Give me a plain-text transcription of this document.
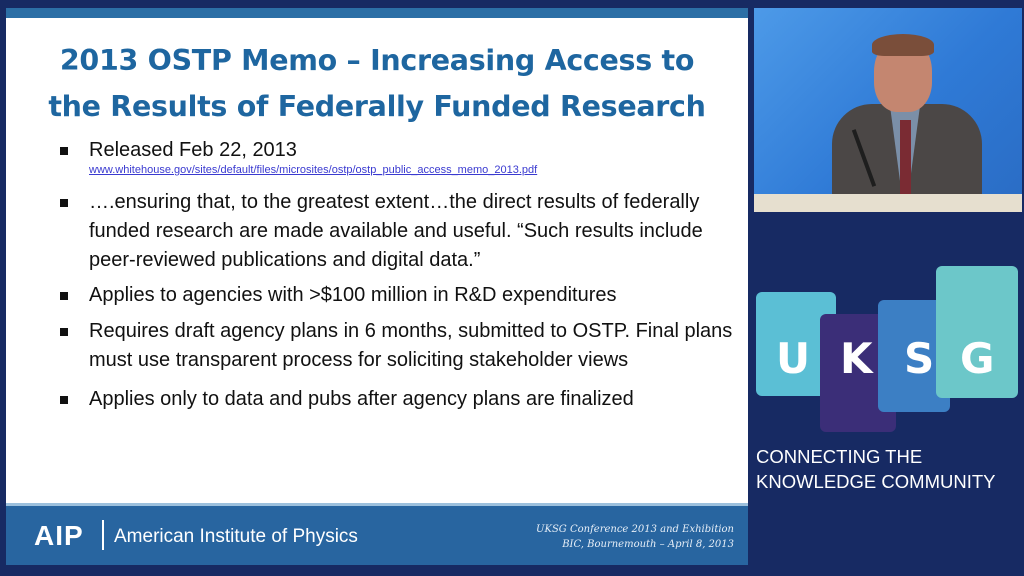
2013 OSTP Memo – Increasing Access to
the Results of Federally Funded Research
Released Feb 22, 2013
www.whitehouse.gov/sites/default/files/microsites/ostp/ostp_public_access_memo_2013.pdf
….ensuring that, to the greatest extent…the direct results of federally funded research are made available and useful. “Such results include peer-reviewed publications and digital data.”
Applies to agencies with >$100 million in R&D expenditures
Requires draft agency plans in 6 months, submitted to OSTP. Final plans must use transparent process for soliciting stakeholder views
Applies only to data and pubs after agency plans are finalized
AIP American Institute of Physics	UKSG Conference 2013 and Exhibition
BIC, Bournemouth – April 8, 2013
U K S G
CONNECTING THE
KNOWLEDGE COMMUNITY
